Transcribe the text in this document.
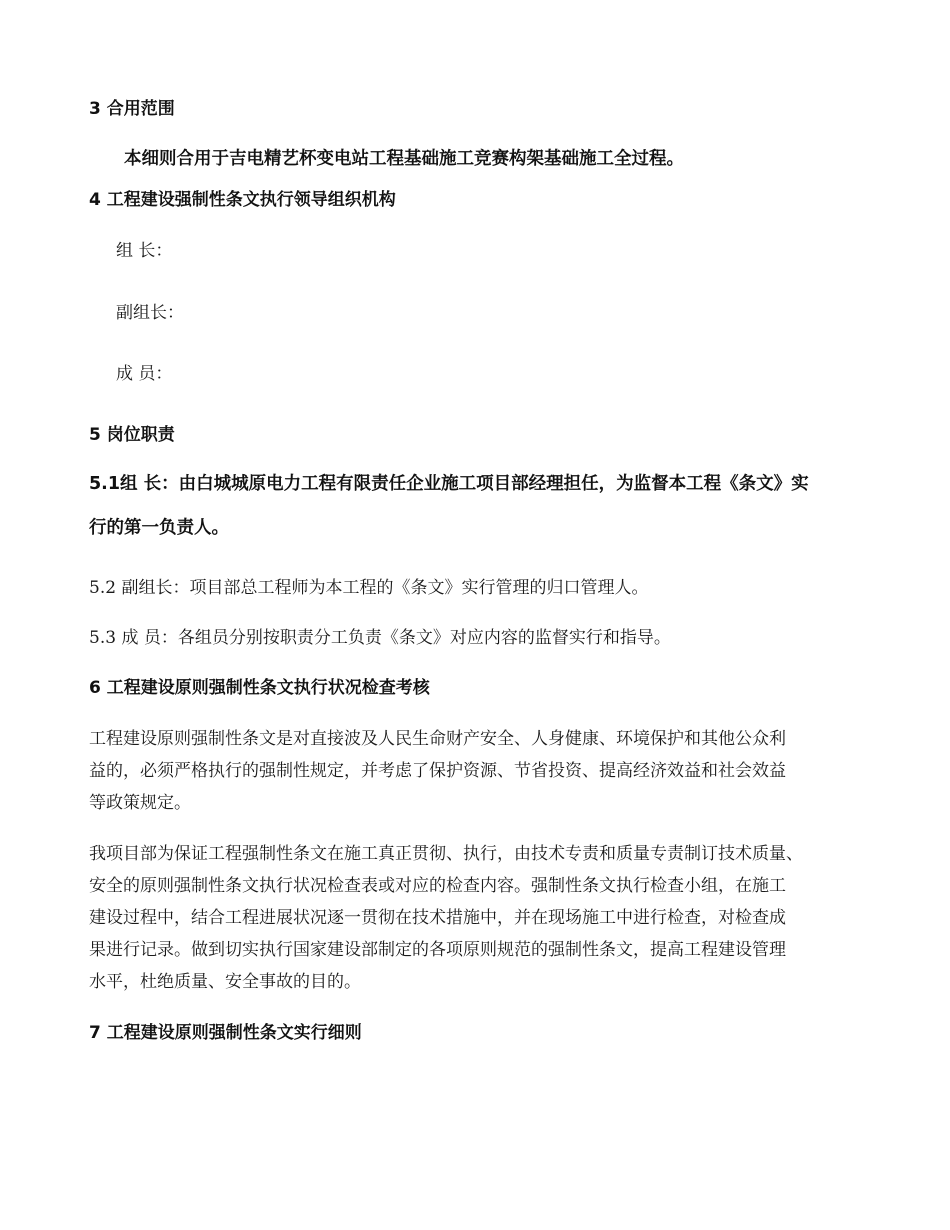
3 合用范围
本细则合用于吉电精艺杯变电站工程基础施工竞赛构架基础施工全过程。
4 工程建设强制性条文执行领导组织机构
组 长：
副组长：
成 员：
5 岗位职责
5.1组 长：由白城城原电力工程有限责任企业施工项目部经理担任，为监督本工程《条文》实
行的第一负责人。
5.2 副组长：项目部总工程师为本工程的《条文》实行管理的归口管理人。
5.3 成 员：各组员分别按职责分工负责《条文》对应内容的监督实行和指导。
6 工程建设原则强制性条文执行状况检查考核
工程建设原则强制性条文是对直接波及人民生命财产安全、人身健康、环境保护和其他公众利
益的，必须严格执行的强制性规定，并考虑了保护资源、节省投资、提高经济效益和社会效益
等政策规定。
我项目部为保证工程强制性条文在施工真正贯彻、执行，由技术专责和质量专责制订技术质量、
安全的原则强制性条文执行状况检查表或对应的检查内容。强制性条文执行检查小组，在施工
建设过程中，结合工程进展状况逐一贯彻在技术措施中，并在现场施工中进行检查，对检查成
果进行记录。做到切实执行国家建设部制定的各项原则规范的强制性条文，提高工程建设管理
水平，杜绝质量、安全事故的目的。
7 工程建设原则强制性条文实行细则
